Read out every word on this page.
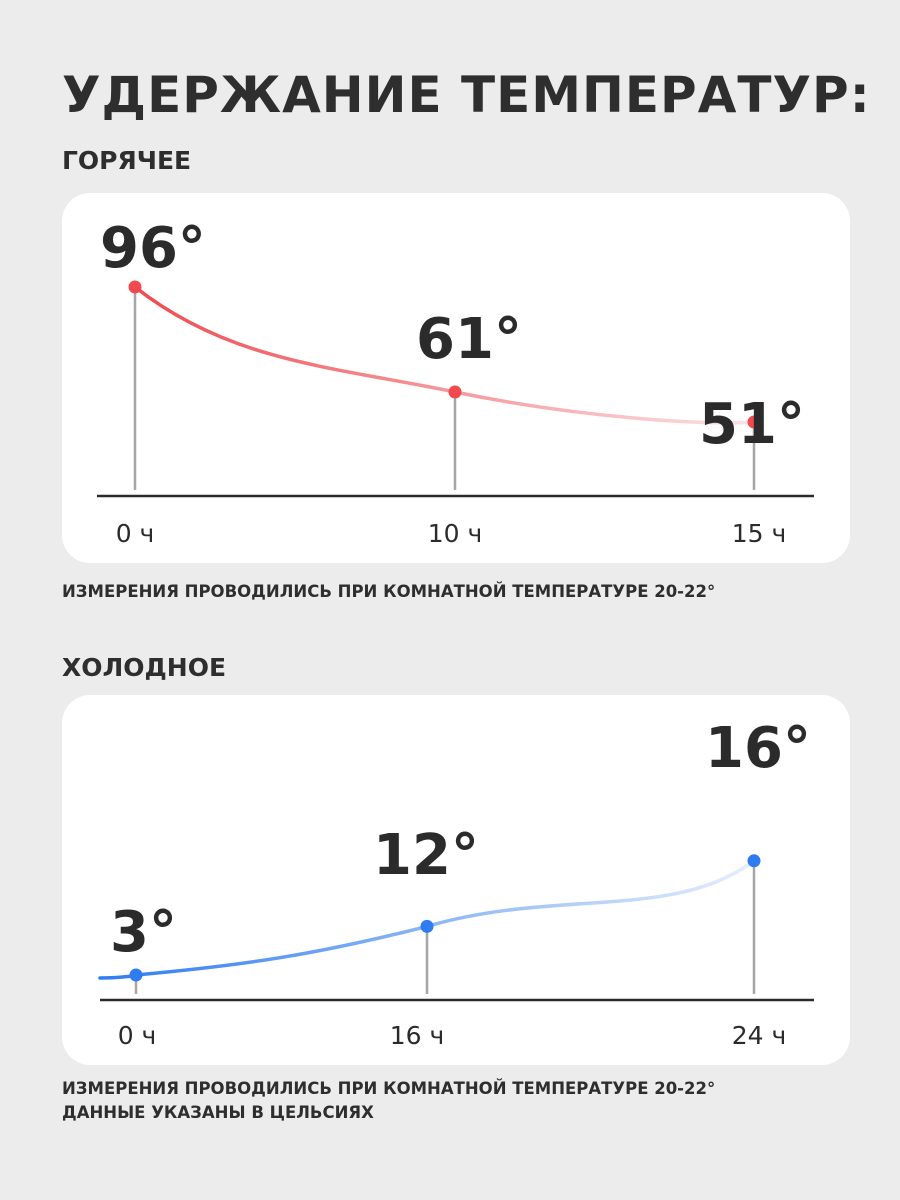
УДЕРЖАНИЕ ТЕМПЕРАТУР:
ГОРЯЧЕЕ
96°
61°
51°
0 ч	10 ч	15 ч
ИЗМЕРЕНИЯ ПРОВОДИЛИСЬ ПРИ КОМНАТНОЙ ТЕМПЕРАТУРЕ 20-22°
ХОЛОДНОЕ
3°
12°
16°
0 ч	16 ч	24 ч
ИЗМЕРЕНИЯ ПРОВОДИЛИСЬ ПРИ КОМНАТНОЙ ТЕМПЕРАТУРЕ 20-22°
ДАННЫЕ УКАЗАНЫ В ЦЕЛЬСИЯХ
